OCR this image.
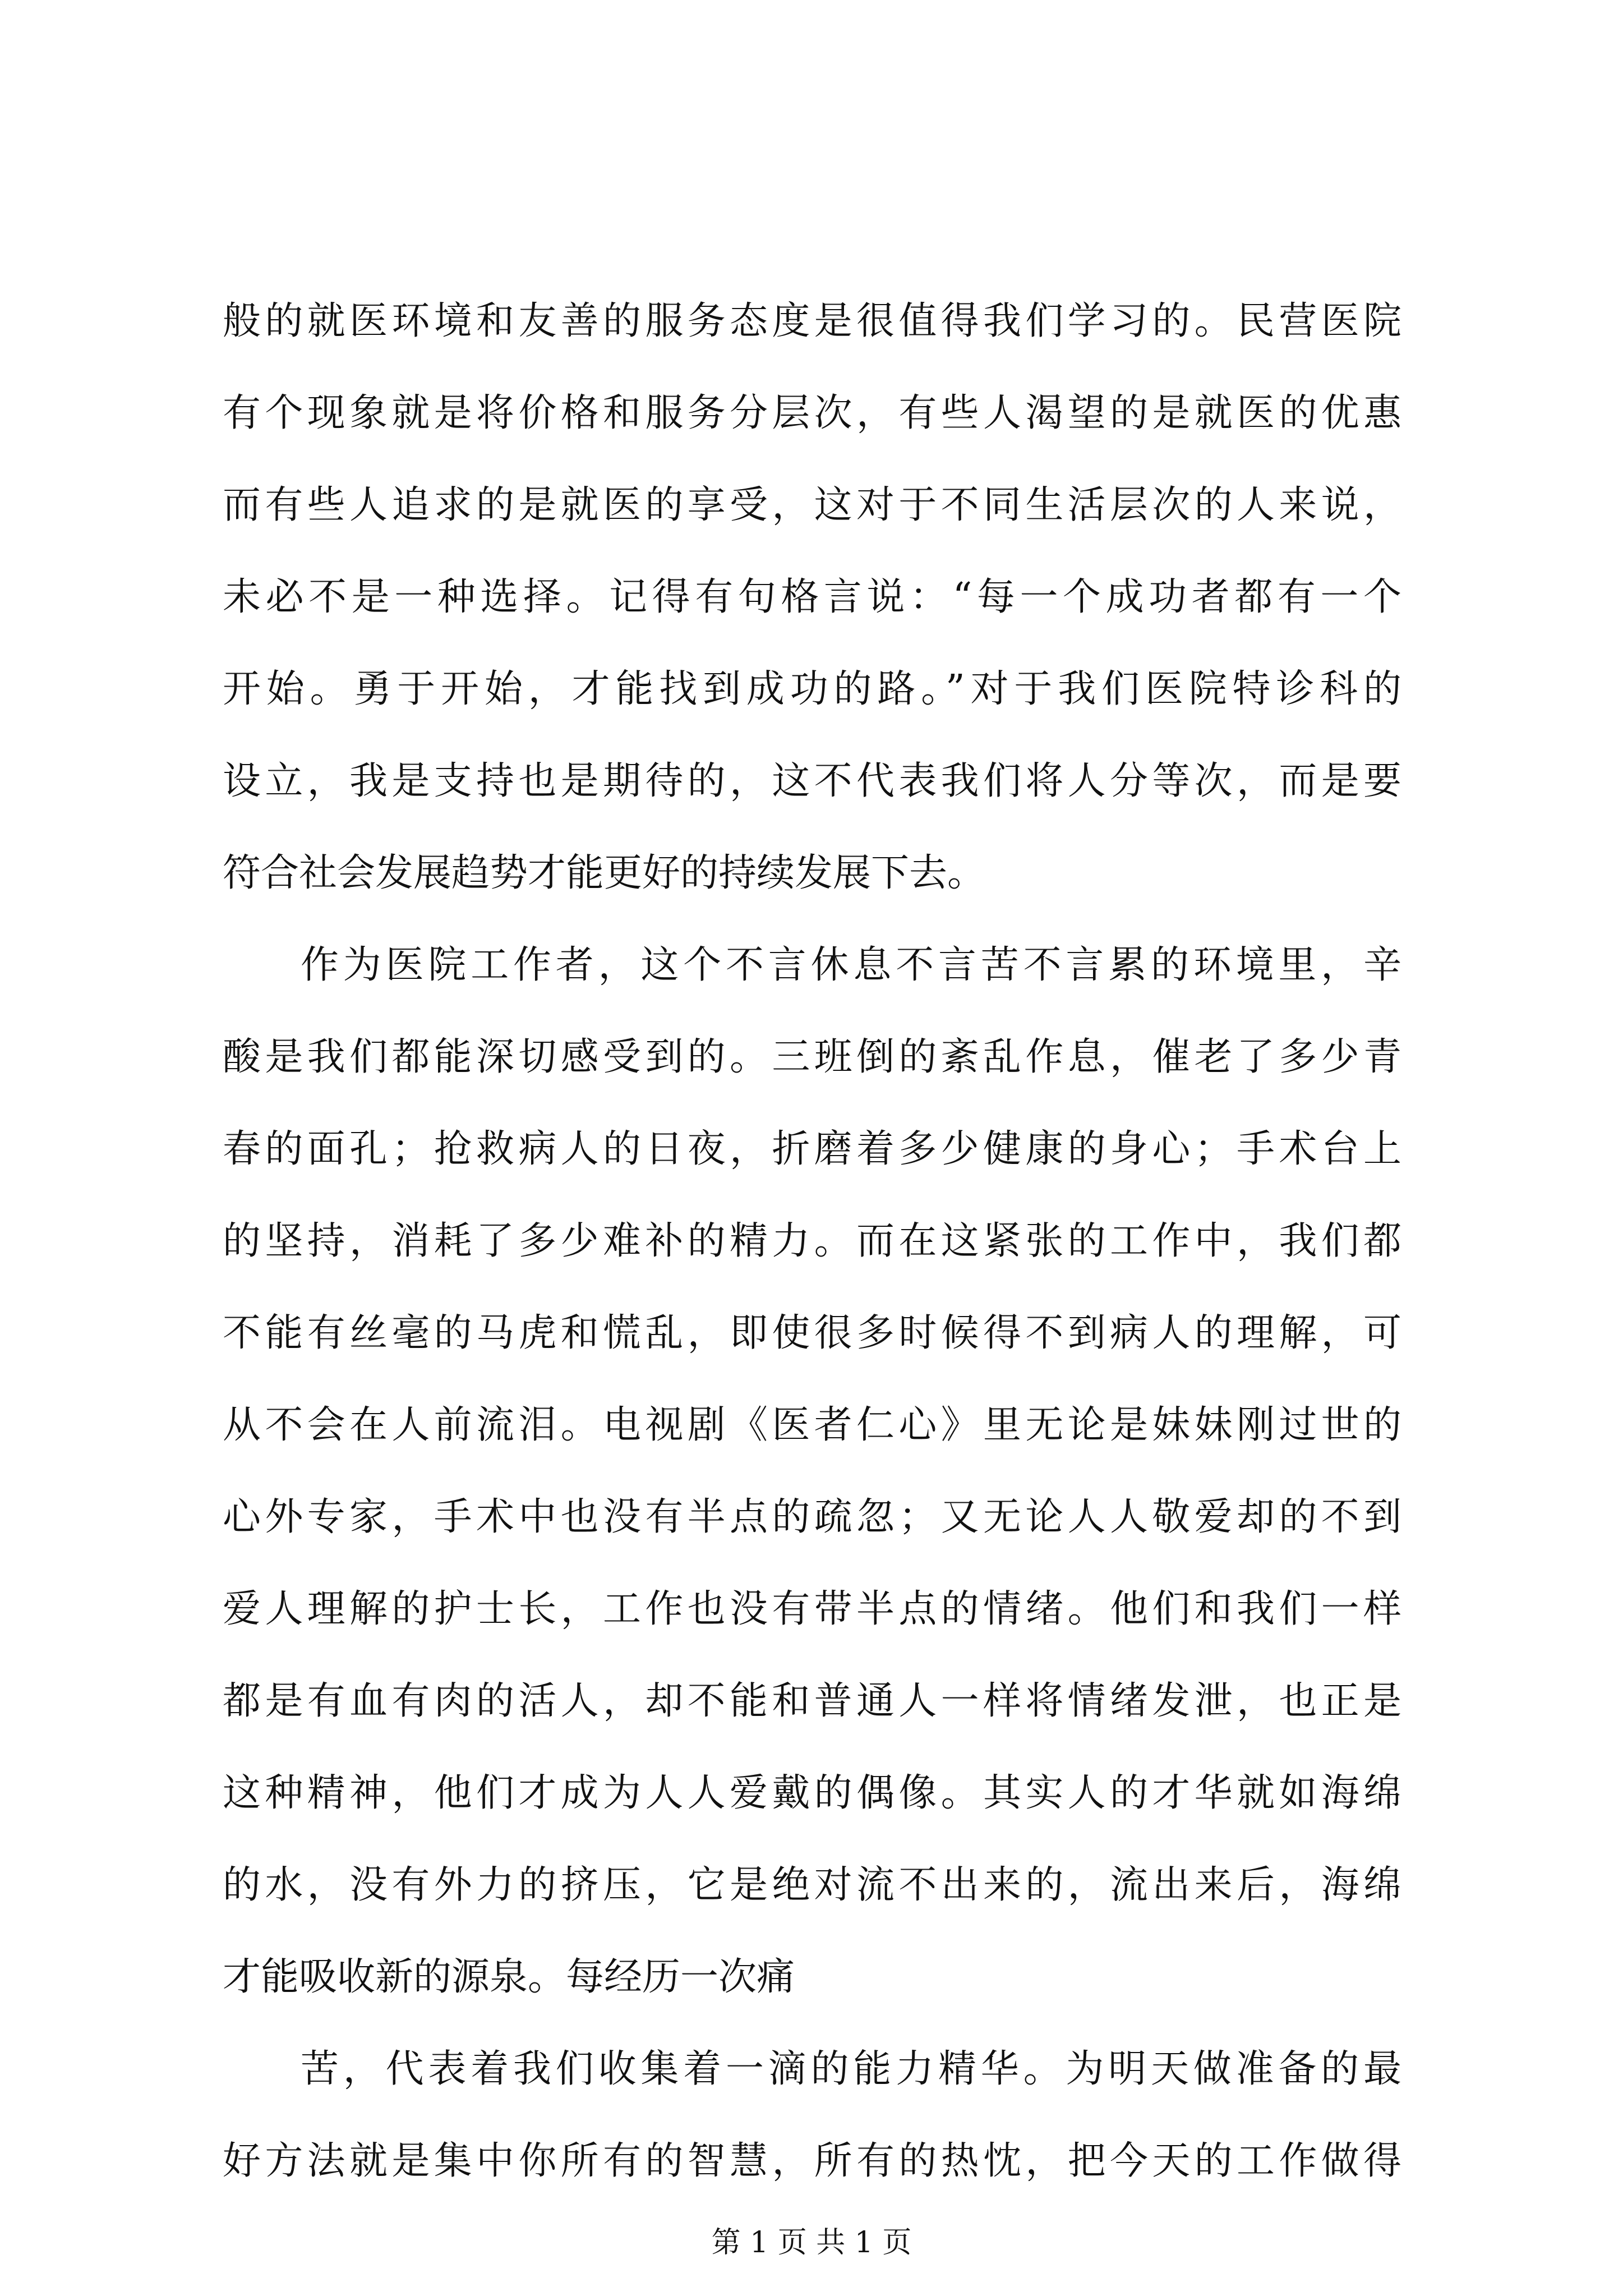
般的就医环境和友善的服务态度是很值得我们学习的。民营医院
有个现象就是将价格和服务分层次，有些人渴望的是就医的优惠
而有些人追求的是就医的享受，这对于不同生活层次的人来说，
未必不是一种选择。记得有句格言说：“每一个成功者都有一个
开始。勇于开始，才能找到成功的路。”对于我们医院特诊科的
设立，我是支持也是期待的，这不代表我们将人分等次，而是要
符合社会发展趋势才能更好的持续发展下去。
作为医院工作者，这个不言休息不言苦不言累的环境里，辛
酸是我们都能深切感受到的。三班倒的紊乱作息，催老了多少青
春的面孔；抢救病人的日夜，折磨着多少健康的身心；手术台上
的坚持，消耗了多少难补的精力。而在这紧张的工作中，我们都
不能有丝毫的马虎和慌乱，即使很多时候得不到病人的理解，可
从不会在人前流泪。电视剧《医者仁心》里无论是妹妹刚过世的
心外专家，手术中也没有半点的疏忽；又无论人人敬爱却的不到
爱人理解的护士长，工作也没有带半点的情绪。他们和我们一样
都是有血有肉的活人，却不能和普通人一样将情绪发泄，也正是
这种精神，他们才成为人人爱戴的偶像。其实人的才华就如海绵
的水，没有外力的挤压，它是绝对流不出来的，流出来后，海绵
才能吸收新的源泉。每经历一次痛
苦，代表着我们收集着一滴的能力精华。为明天做准备的最
好方法就是集中你所有的智慧，所有的热忱，把今天的工作做得
第 1 页 共 1 页
